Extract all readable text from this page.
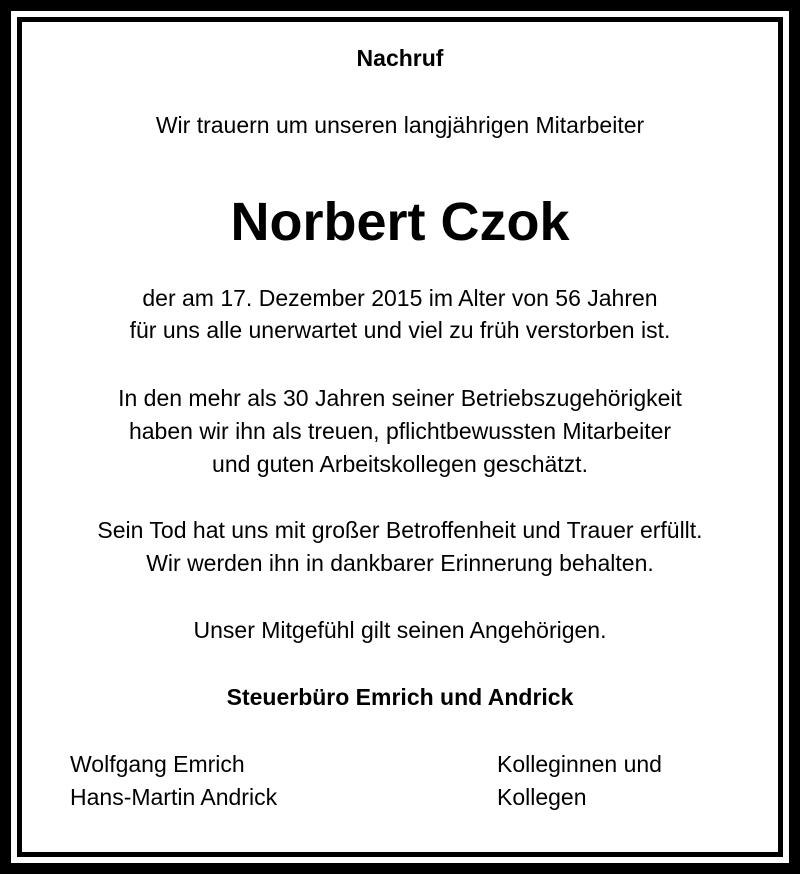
Nachruf
Wir trauern um unseren langjährigen Mitarbeiter
Norbert Czok
der am 17. Dezember 2015 im Alter von 56 Jahren
für uns alle unerwartet und viel zu früh verstorben ist.
In den mehr als 30 Jahren seiner Betriebszugehörigkeit
haben wir ihn als treuen, pflichtbewussten Mitarbeiter
und guten Arbeitskollegen geschätzt.
Sein Tod hat uns mit großer Betroffenheit und Trauer erfüllt.
Wir werden ihn in dankbarer Erinnerung behalten.
Unser Mitgefühl gilt seinen Angehörigen.
Steuerbüro Emrich und Andrick
Wolfgang Emrich
Hans-Martin Andrick
Kolleginnen und
Kollegen
